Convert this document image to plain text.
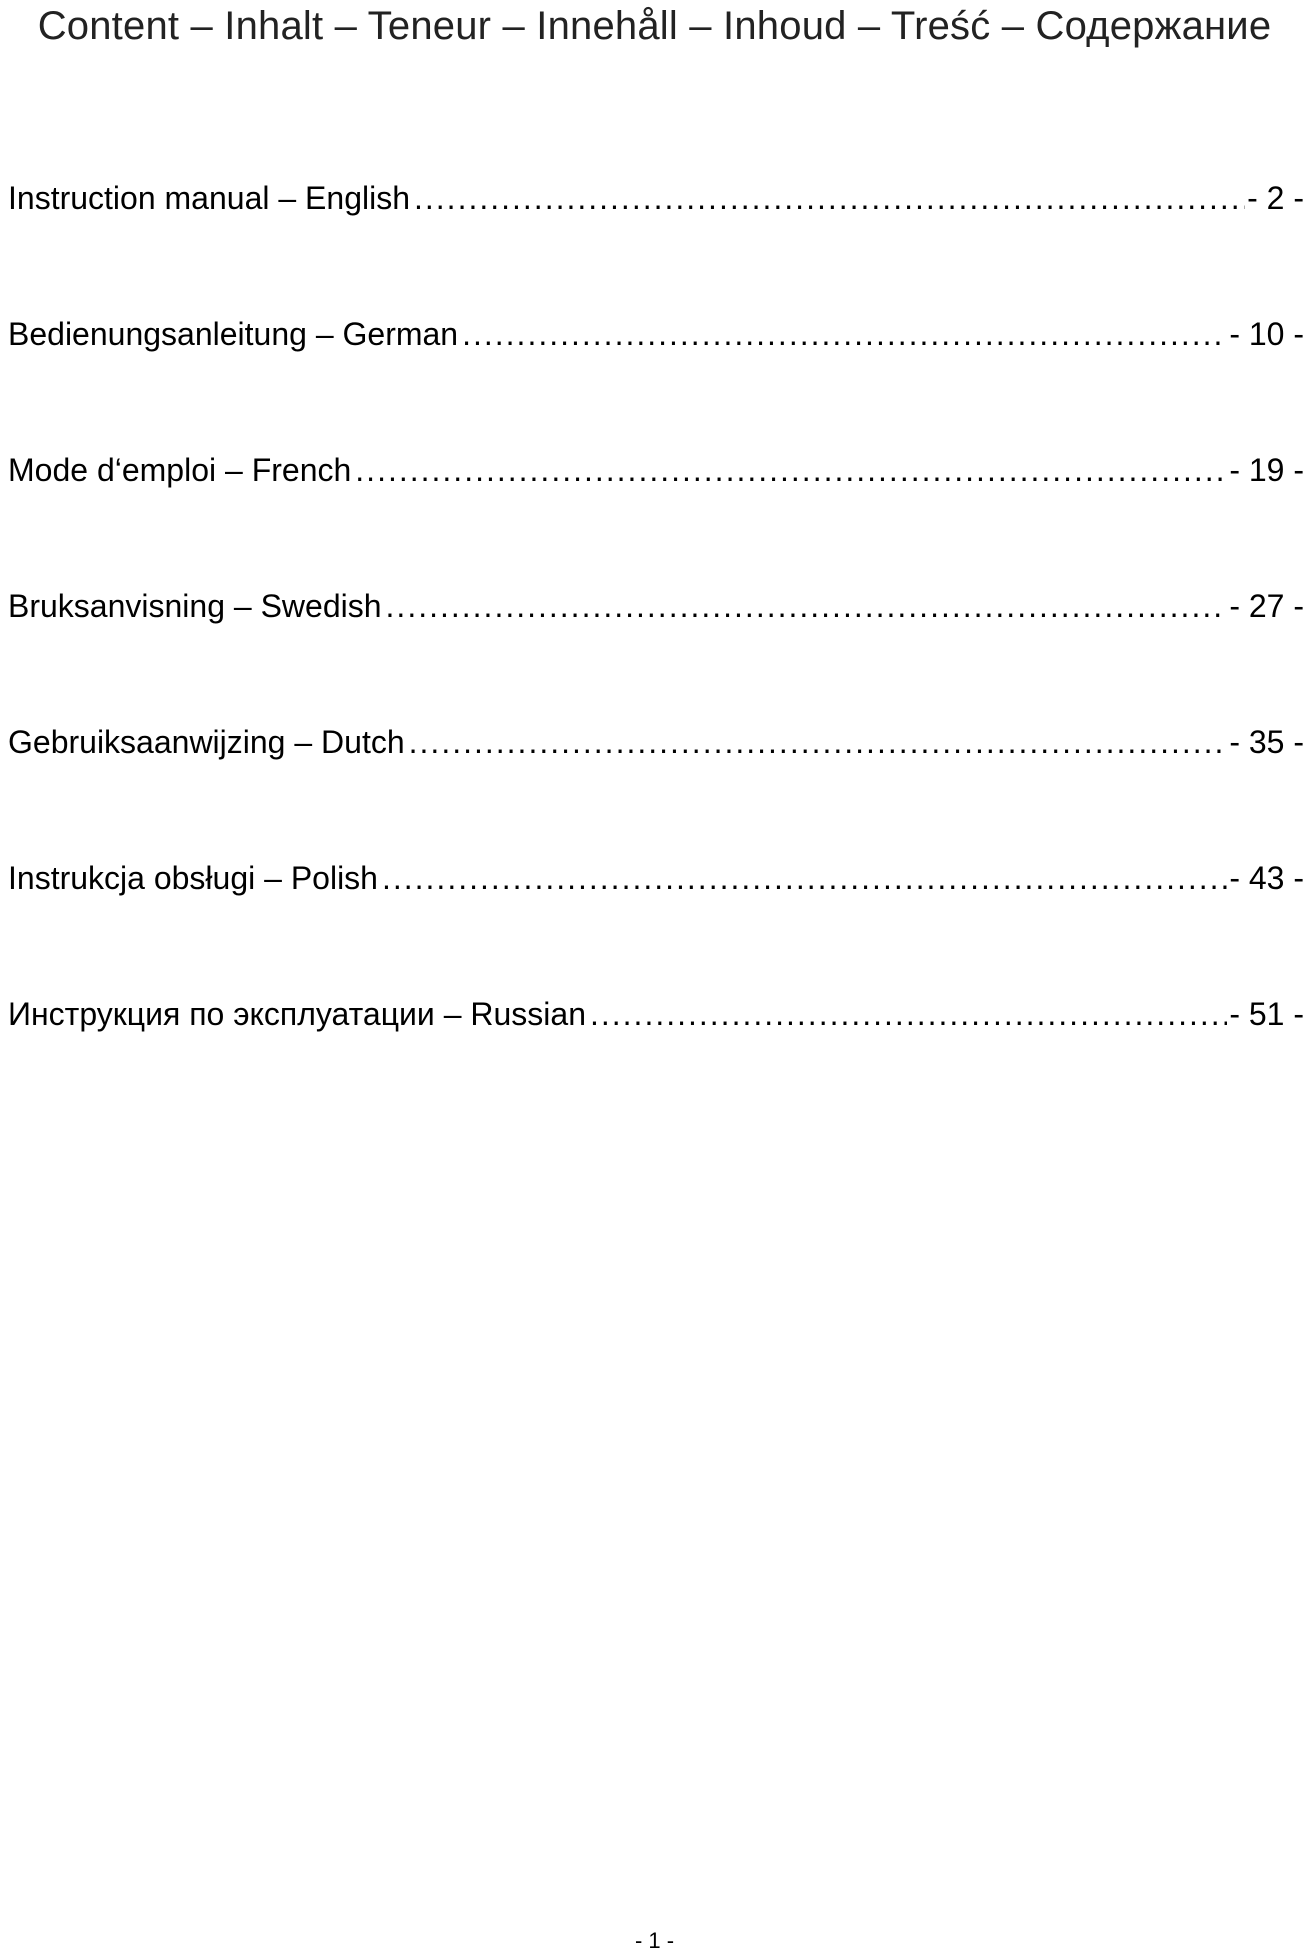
Content – Inhalt – Teneur – Innehåll – Inhoud – Treść – Содержание
Instruction manual – English .....	- 2 -
Bedienungsanleitung – German .....	- 10 -
Mode d‘emploi – French .....	- 19 -
Bruksanvisning – Swedish .....	- 27 -
Gebruiksaanwijzing – Dutch .....	- 35 -
Instrukcja obsługi – Polish .....	- 43 -
Инструкция по эксплуатации – Russian .....	- 51 -
- 1 -
